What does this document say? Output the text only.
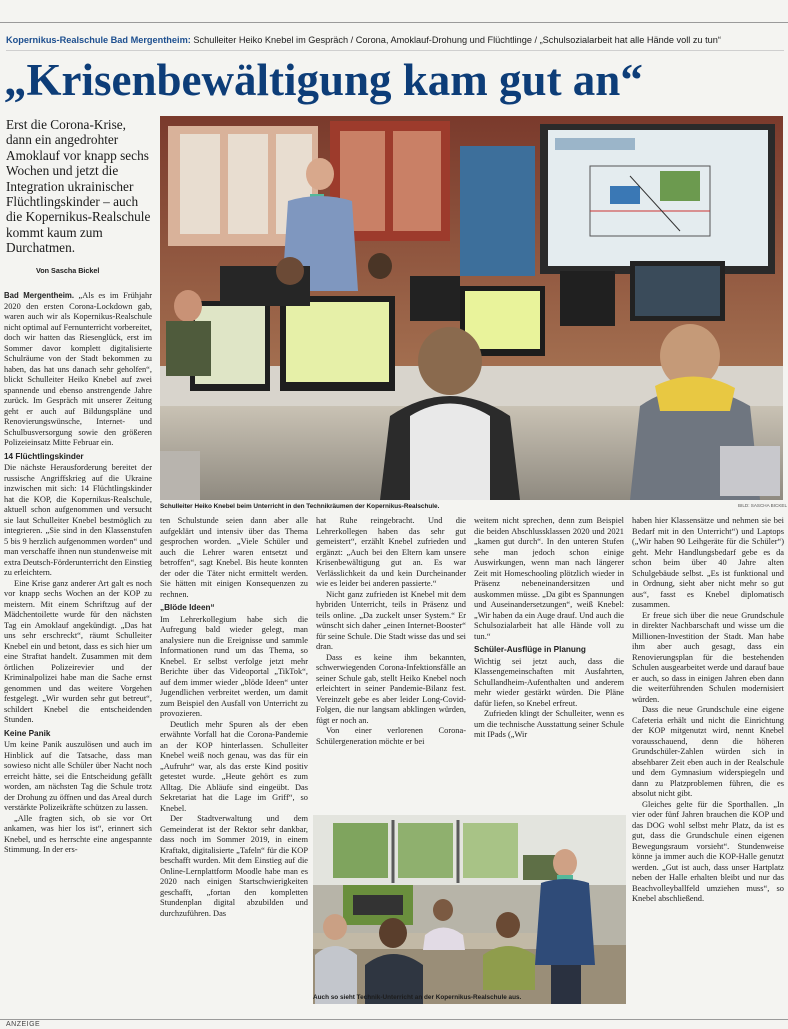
Kopernikus-Realschule Bad Mergentheim: Schulleiter Heiko Knebel im Gespräch / Corona, Amoklauf-Drohung und Flüchtlinge / „Schulsozialarbeit hat alle Hände voll zu tun“
„Krisenbewältigung kam gut an“
Erst die Corona-Krise, dann ein angedrohter Amoklauf vor knapp sechs Wochen und jetzt die Integration ukrainischer Flüchtlingskinder – auch die Kopernikus-Realschule kommt kaum zum Durchatmen.
Von Sascha Bickel
Schulleiter Heiko Knebel beim Unterricht in den Technikräumen der Kopernikus-Realschule.	BILD: SASCHA BICKEL

Bad Mergentheim. „Als es im Frühjahr 2020 den ersten Corona-Lockdown gab, waren auch wir als Kopernikus-Realschule nicht optimal auf Fernunterricht vorbereitet, doch wir hatten das Riesenglück, erst im Sommer davor komplett digitalisierte Schulräume von der Stadt bekommen zu haben, das hat uns danach sehr geholfen“, blickt Schulleiter Heiko Knebel auf zwei spannende und ebenso anstrengende Jahre zurück. Im Gespräch mit unserer Zeitung geht er auch auf Bildungspläne und Renovierungswünsche, Internet- und Schulbusversorgung sowie den größeren Polizeieinsatz Mitte Februar ein.

14 Flüchtlingskinder

Die nächste Herausforderung bereitet der russische Angriffskrieg auf die Ukraine inzwischen mit sich: 14 Flüchtlingskinder hat die KOP, die Kopernikus-Realschule, aktuell schon aufgenommen und versucht sie laut Schulleiter Knebel bestmöglich zu integrieren. „Sie sind in den Klassenstufen 5 bis 9 herzlich aufgenommen worden“ und man verschaffe ihnen nun stundenweise mit extra Deutsch-Förderunterricht den Einstieg zu erleichtern.

Eine Krise ganz anderer Art galt es noch vor knapp sechs Wochen an der KOP zu meistern. Mit einem Schriftzug auf der Mädchentoilette wurde für den nächsten Tag ein Amoklauf angekündigt. „Das hat uns sehr erschreckt“, räumt Schulleiter Knebel ein und betont, dass es sich hier um eine Straftat handelt. Zusammen mit dem örtlichen Polizeirevier und der Kriminalpolizei habe man die Sache ernst genommen und das weitere Vorgehen festgelegt. „Wir wurden sehr gut betreut“, schildert Knebel die entscheidenden Stunden.

Keine Panik

Um keine Panik auszulösen und auch im Hinblick auf die Tatsache, dass man sowieso nicht alle Schüler über Nacht noch erreicht hätte, sei die Entscheidung gefällt worden, am nächsten Tag die Schule trotz der Drohung zu öffnen und das Areal durch verstärkte Polizeikräfte schützen zu lassen.

„Alle fragten sich, ob sie vor Ort ankamen, was hier los ist“, erinnert sich Knebel, und es herrschte eine angespannte Stimmung. In der ers-

ten Schulstunde seien dann aber alle aufgeklärt und intensiv über das Thema gesprochen worden. „Viele Schüler und auch die Lehrer waren entsetzt und betroffen“, sagt Knebel. Bis heute konnten der oder die Täter nicht ermittelt werden. Sie hätten mit einigen Konsequenzen zu rechnen.

„Blöde Ideen“

Im Lehrerkollegium habe sich die Aufregung bald wieder gelegt, man analysiere nun die Ereignisse und sammle Informationen rund um das Thema, so Knebel. Er selbst verfolge jetzt mehr Berichte über das Videoportal „TikTok“, auf dem immer wieder „blöde Ideen“ unter Jugendlichen verbreitet werden, um damit zum Beispiel den Ausfall von Unterricht zu provozieren.

Deutlich mehr Spuren als der eben erwähnte Vorfall hat die Corona-Pandemie an der KOP hinterlassen. Schulleiter Knebel weiß noch genau, was das für ein „Aufruhr“ war, als das erste Kind positiv getestet wurde. „Heute gehört es zum Alltag. Die Abläufe sind eingeübt. Das Sekretariat hat die Lage im Griff“, so Knebel.

Der Stadtverwaltung und dem Gemeinderat ist der Rektor sehr dankbar, dass noch im Sommer 2019, in einem Kraftakt, digitalisierte „Tafeln“ für die KOP beschafft wurden. Mit dem Einstieg auf die Online-Lernplattform Moodle habe man es 2020 nach einigen Startschwierigkeiten geschafft, „fortan den kompletten Stundenplan digital abzubilden und durchzuführen. Das

hat Ruhe reingebracht. Und die Lehrerkollegen haben das sehr gut gemeistert“, erzählt Knebel zufrieden und ergänzt: „Auch bei den Eltern kam unsere Krisenbewältigung gut an. Es war Verlässlichkeit da und kein Durcheinander wie es leider bei anderen passierte.“

Nicht ganz zufrieden ist Knebel mit dem hybriden Unterricht, teils in Präsenz und teils online. „Da zuckelt unser System.“ Er wünscht sich daher „einen Internet-Booster“ für seine Schule. Die Stadt wisse das und sei dran.

Dass es keine ihm bekannten, schwerwiegenden Corona-Infektionsfälle an seiner Schule gab, stellt Heiko Knebel noch erleichtert in seiner Pandemie-Bilanz fest. Vereinzelt gebe es aber leider Long-Covid-Folgen, die nur langsam abklingen würden, fügt er noch an.

Von einer verlorenen Corona-Schülergeneration möchte er bei

weitem nicht sprechen, denn zum Beispiel die beiden Abschlussklassen 2020 und 2021 „kamen gut durch“. In den unteren Stufen sehe man jedoch schon einige Auswirkungen, wenn man nach längerer Zeit mit Homeschooling plötzlich wieder in Präsenz nebeneinandersitzen und auskommen müsse. „Da gibt es Spannungen und Auseinandersetzungen“, weiß Knebel: „Wir haben da ein Auge drauf. Und auch die Schulsozialarbeit hat alle Hände voll zu tun.“

Schüler-Ausflüge in Planung

Wichtig sei jetzt auch, dass die Klassengemeinschaften mit Ausfahrten, Schullandheim-Aufenthalten und anderem mehr wieder gestärkt würden. Die Pläne dafür liefen, so Knebel erfreut.

Zufrieden klingt der Schulleiter, wenn es um die technische Ausstattung seiner Schule mit IPads („Wir

haben hier Klassensätze und nehmen sie bei Bedarf mit in den Unterricht“) und Laptops („Wir haben 90 Leihgeräte für die Schüler“) geht. Mehr Handlungsbedarf gebe es da schon beim über 40 Jahre alten Schulgebäude selbst. „Es ist funktional und in Ordnung, sieht aber nicht mehr so gut aus“, fasst es Knebel diplomatisch zusammen.

Er freue sich über die neue Grundschule in direkter Nachbarschaft und wisse um die Millionen-Investition der Stadt. Man habe ihm aber auch gesagt, dass ein Renovierungsplan für die bestehenden Schulen ausgearbeitet werde und darauf baue er auch, so dass in einigen Jahren eben dann die weiterführenden Schulen modernisiert würden.

Dass die neue Grundschule eine eigene Cafeteria erhält und nicht die Einrichtung der KOP mitgenutzt wird, nennt Knebel vorausschauend, denn die höheren Grundschüler-Zahlen würden sich in absehbarer Zeit eben auch in der Realschule und dem Gymnasium widerspiegeln und dann zu Platzproblemen führen, die es absolut nicht gibt.

Gleiches gelte für die Sporthallen. „In vier oder fünf Jahren brauchen die KOP und das DOG wohl selbst mehr Platz, da ist es gut, dass die Grundschule einen eigenen Bewegungsraum vorsieht“. Stundenweise könne ja immer auch die KOP-Halle genutzt werden. „Gut ist auch, dass unser Hartplatz neben der Halle erhalten bleibt und nur das Beachvolleyballfeld umziehen muss“, so Knebel abschließend.

Auch so sieht Technik-Unterricht an der Kopernikus-Realschule aus.
ANZEIGE
